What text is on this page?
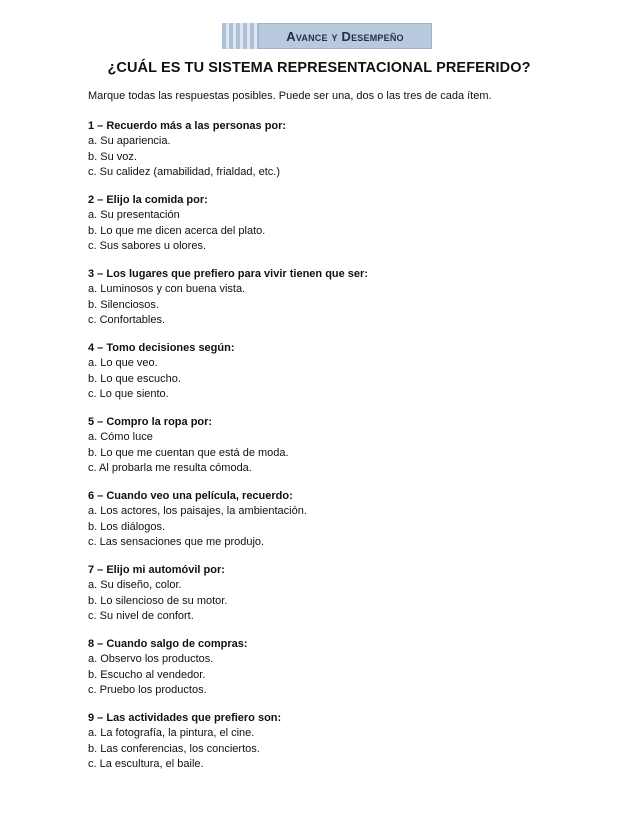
Avance y Desempeño
¿CUÁL ES TU SISTEMA REPRESENTACIONAL PREFERIDO?

Marque todas las respuestas posibles. Puede ser una, dos o las tres de cada ítem.

1 – Recuerdo más a las personas por:

a. Su apariencia.

b. Su voz.

c. Su calidez (amabilidad, frialdad, etc.)

2 – Elijo la comida por:

a. Su presentación

b. Lo que me dicen acerca del plato.

c. Sus sabores u olores.

3 – Los lugares que prefiero para vivir tienen que ser:

a. Luminosos y con buena vista.

b. Silenciosos.

c. Confortables.

4 – Tomo decisiones según:

a. Lo que veo.

b. Lo que escucho.

c. Lo que siento.

5 – Compro la ropa por:

a. Cómo luce

b. Lo que me cuentan que está de moda.

c. Al probarla me resulta cómoda.

6 – Cuando veo una película, recuerdo:

a. Los actores, los paisajes, la ambientación.

b. Los diálogos.

c. Las sensaciones que me produjo.

7 – Elijo mi automóvil por:

a. Su diseño, color.

b. Lo silencioso de su motor.

c. Su nivel de confort.

8 – Cuando salgo de compras:

a. Observo los productos.

b. Escucho al vendedor.

c. Pruebo los productos.

9 – Las actividades que prefiero son:

a. La fotografía, la pintura, el cine.

b. Las conferencias, los conciertos.

c. La escultura, el baile.
